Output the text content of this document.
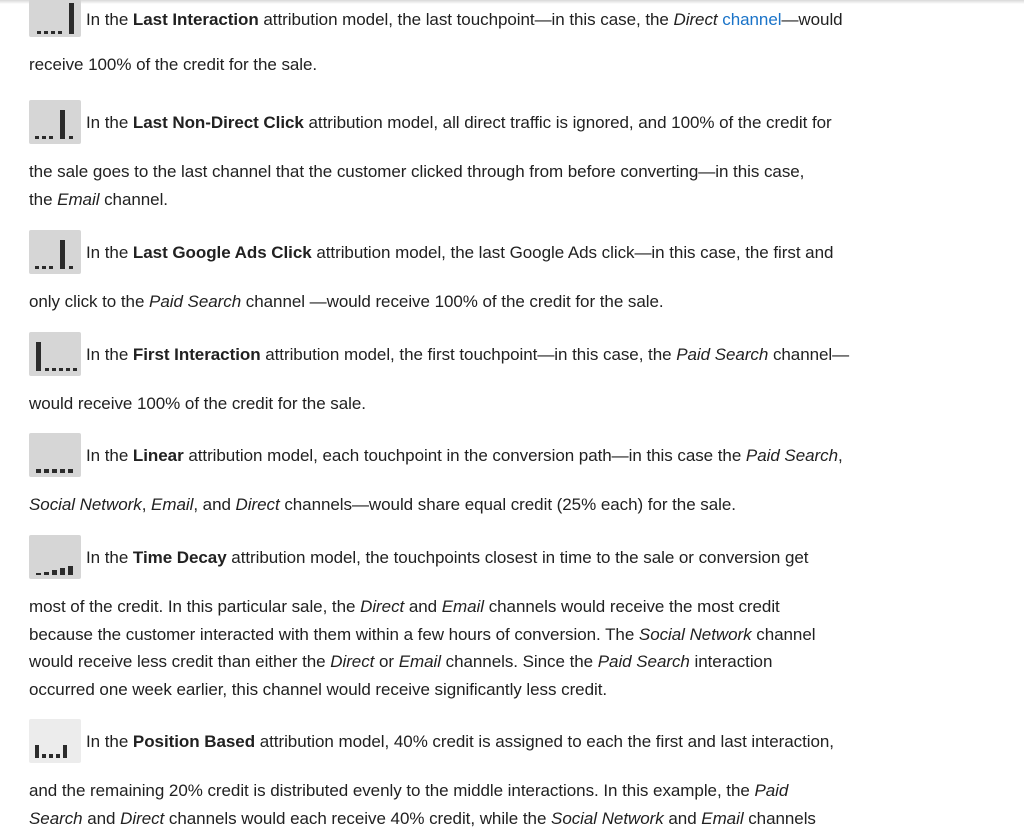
In the Last Interaction attribution model, the last touchpoint—in this case, the Direct channel—would
receive 100% of the credit for the sale.
In the Last Non-Direct Click attribution model, all direct traffic is ignored, and 100% of the credit for
the sale goes to the last channel that the customer clicked through from before converting—in this case,
the Email channel.
In the Last Google Ads Click attribution model, the last Google Ads click—in this case, the first and
only click to the Paid Search channel —would receive 100% of the credit for the sale.
In the First Interaction attribution model, the first touchpoint—in this case, the Paid Search channel—
would receive 100% of the credit for the sale.
In the Linear attribution model, each touchpoint in the conversion path—in this case the Paid Search,
Social Network, Email, and Direct channels—would share equal credit (25% each) for the sale.
In the Time Decay attribution model, the touchpoints closest in time to the sale or conversion get
most of the credit. In this particular sale, the Direct and Email channels would receive the most credit
because the customer interacted with them within a few hours of conversion. The Social Network channel
would receive less credit than either the Direct or Email channels. Since the Paid Search interaction
occurred one week earlier, this channel would receive significantly less credit.
In the Position Based attribution model, 40% credit is assigned to each the first and last interaction,
and the remaining 20% credit is distributed evenly to the middle interactions. In this example, the Paid
Search and Direct channels would each receive 40% credit, while the Social Network and Email channels
